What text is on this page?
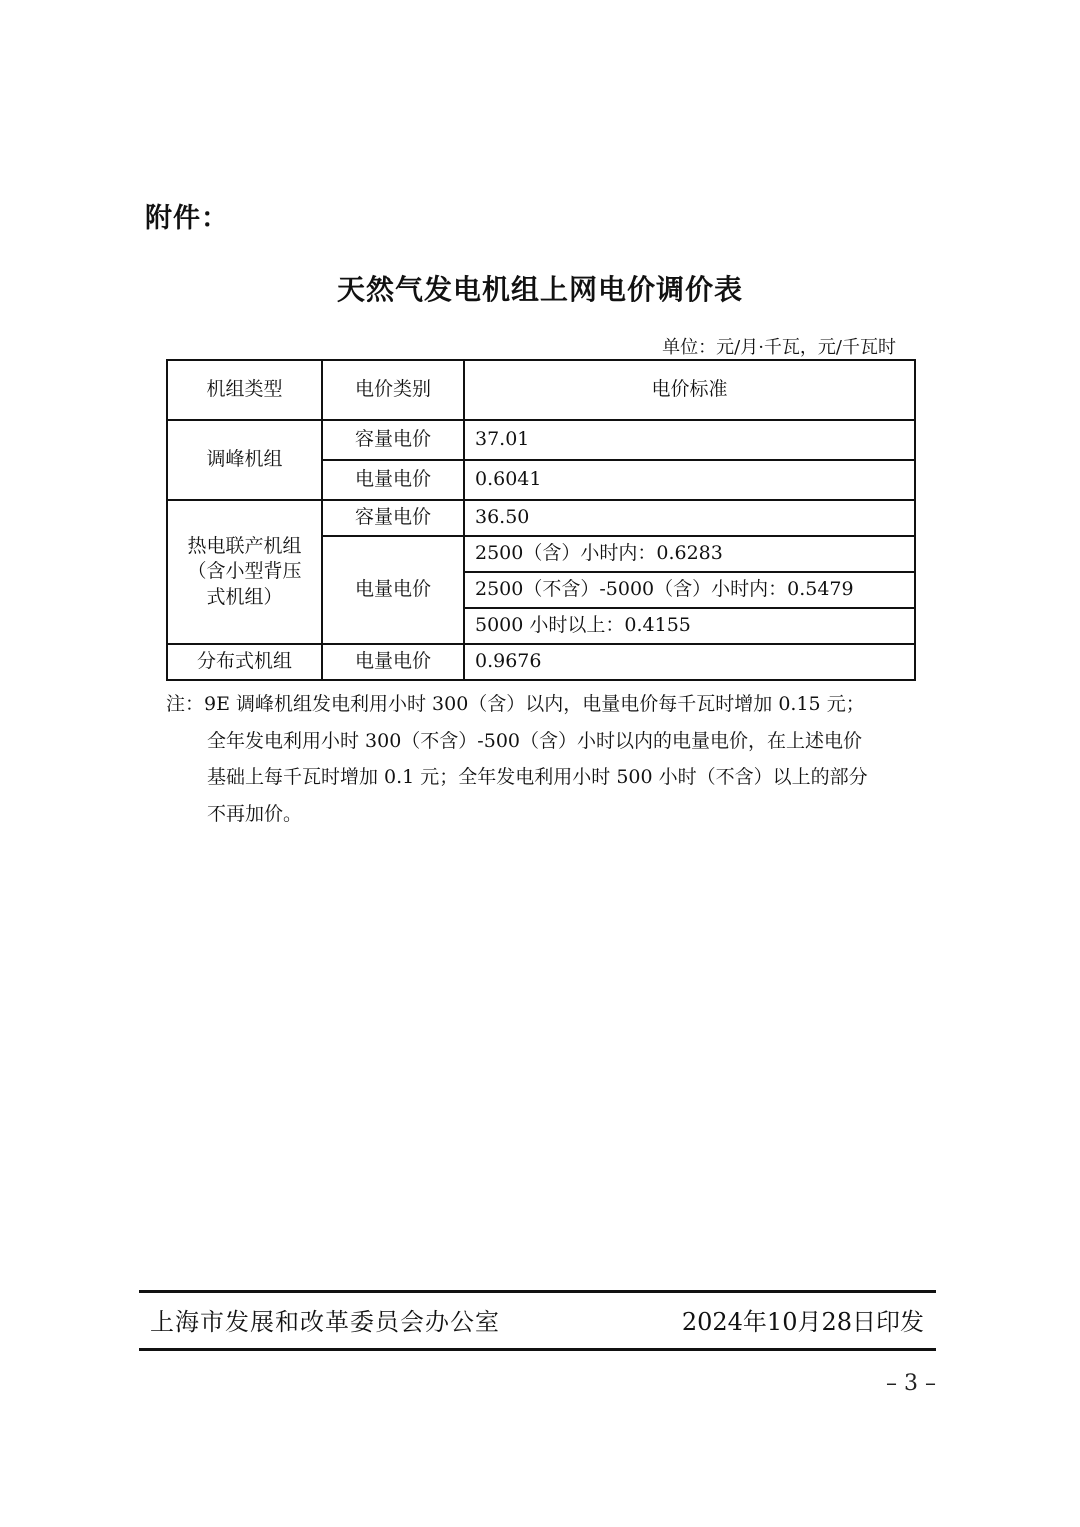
附件：
天然气发电机组上网电价调价表
单位：元/月·千瓦，元/千瓦时
机组类型	电价类别	电价标准
调峰机组	容量电价	37.01
	电量电价	0.6041

热电联产机组
（含小型背压
式机组）	容量电价	36.50
	电量电价	2500（含）小时内：0.6283
		2500（不含）-5000（含）小时内：0.5479
		5000 小时以上：0.4155
分布式机组	电量电价	0.9676
注：9E 调峰机组发电利用小时 300（含）以内，电量电价每千瓦时增加 0.15 元；
全年发电利用小时 300（不含）-500（含）小时以内的电量电价，在上述电价
基础上每千瓦时增加 0.1 元；全年发电利用小时 500 小时（不含）以上的部分
不再加价。
上海市发展和改革委员会办公室	2024年10月28日印发
– 3 –
